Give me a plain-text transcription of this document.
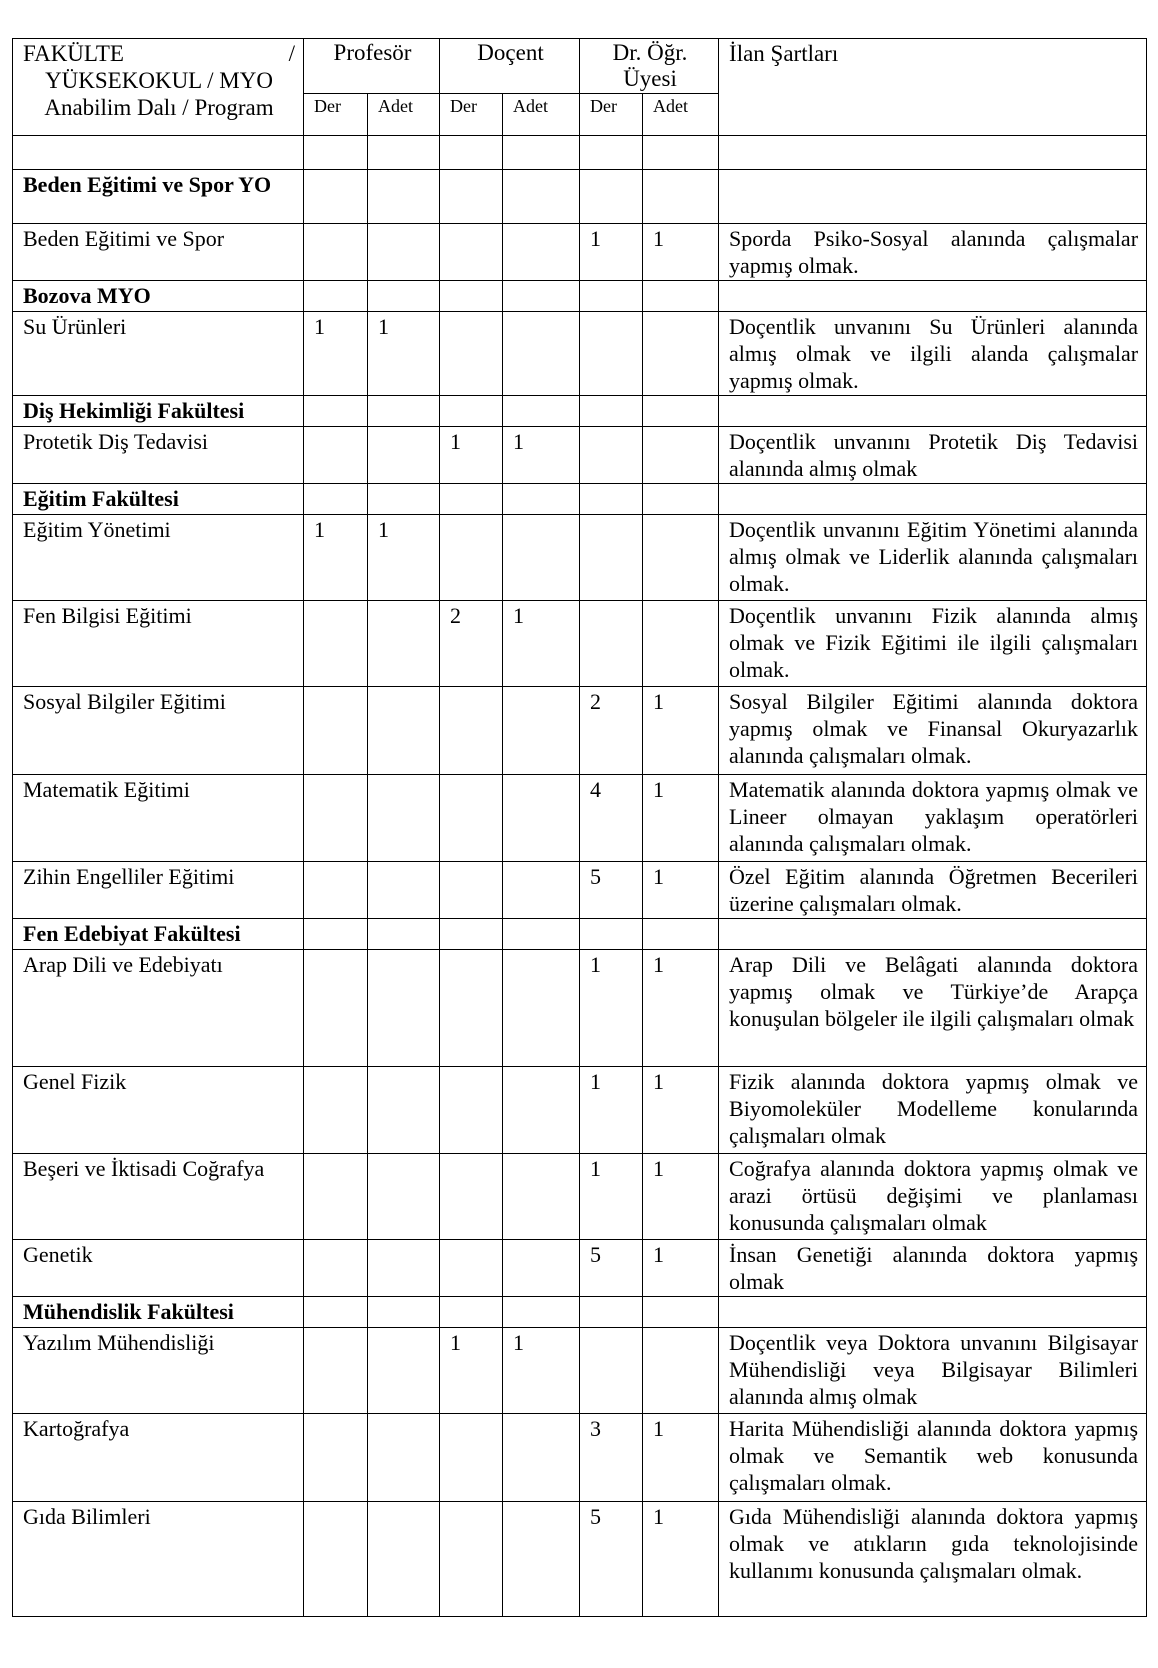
FAKÜLTE /
YÜKSEKOKUL / MYO
Anabilim Dalı / Program	Profesör		Doçent		Dr. Öğr. Üyesi		İlan Şartları
	Der	Adet	Der	Adet	Der	Adet	

Beden Eğitimi ve Spor YO							
Beden Eğitimi ve Spor					1	1	Sporda Psiko-Sosyal alanında çalışmalar yapmış olmak.
Bozova MYO							
Su Ürünleri	1	1					Doçentlik unvanını Su Ürünleri alanında almış olmak ve ilgili alanda çalışmalar yapmış olmak.
Diş Hekimliği Fakültesi							
Protetik Diş Tedavisi			1	1			Doçentlik unvanını Protetik Diş Tedavisi alanında almış olmak
Eğitim Fakültesi							
Eğitim Yönetimi	1	1					Doçentlik unvanını Eğitim Yönetimi alanında almış olmak ve Liderlik alanında çalışmaları olmak.
Fen Bilgisi Eğitimi			2	1			Doçentlik unvanını Fizik alanında almış olmak ve Fizik Eğitimi ile ilgili çalışmaları olmak.
Sosyal Bilgiler Eğitimi					2	1	Sosyal Bilgiler Eğitimi alanında doktora yapmış olmak ve Finansal Okuryazarlık alanında çalışmaları olmak.
Matematik Eğitimi					4	1	Matematik alanında doktora yapmış olmak ve Lineer olmayan yaklaşım operatörleri alanında çalışmaları olmak.
Zihin Engelliler Eğitimi					5	1	Özel Eğitim alanında Öğretmen Becerileri üzerine çalışmaları olmak.
Fen Edebiyat Fakültesi							
Arap Dili ve Edebiyatı					1	1	Arap Dili ve Belâgati alanında doktora yapmış olmak ve Türkiye’de Arapça konuşulan bölgeler ile ilgili çalışmaları olmak
Genel Fizik					1	1	Fizik alanında doktora yapmış olmak ve Biyomoleküler Modelleme konularında çalışmaları olmak
Beşeri ve İktisadi Coğrafya					1	1	Coğrafya alanında doktora yapmış olmak ve arazi örtüsü değişimi ve planlaması konusunda çalışmaları olmak
Genetik					5	1	İnsan Genetiği alanında doktora yapmış olmak
Mühendislik Fakültesi							
Yazılım Mühendisliği			1	1			Doçentlik veya Doktora unvanını Bilgisayar Mühendisliği veya Bilgisayar Bilimleri alanında almış olmak
Kartoğrafya					3	1	Harita Mühendisliği alanında doktora yapmış olmak ve Semantik web konusunda çalışmaları olmak.
Gıda Bilimleri					5	1	Gıda Mühendisliği alanında doktora yapmış olmak ve atıkların gıda teknolojisinde kullanımı konusunda çalışmaları olmak.
